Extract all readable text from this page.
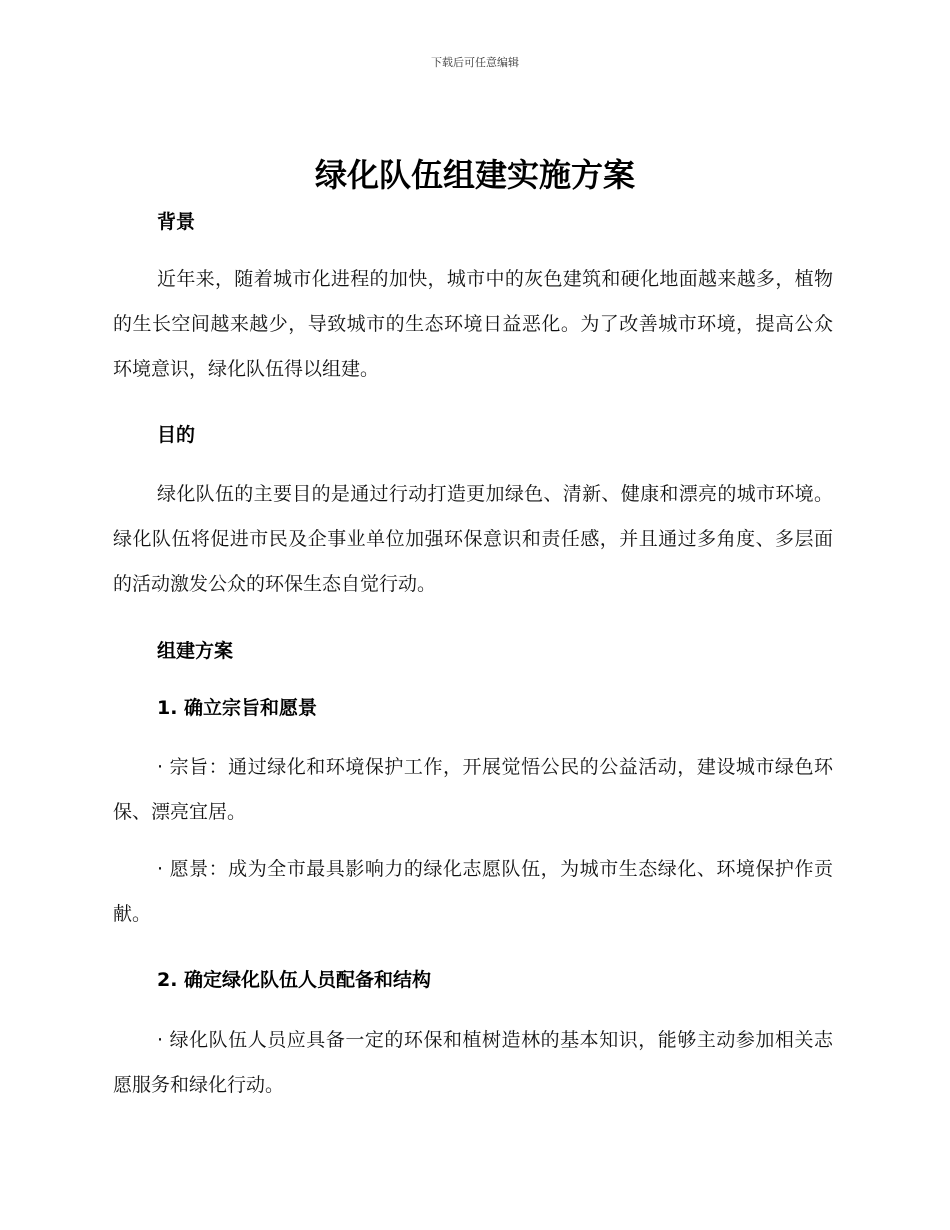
下载后可任意编辑
绿化队伍组建实施方案
背景

近年来，随着城市化进程的加快，城市中的灰色建筑和硬化地面越来越多，植物的生长空间越来越少，导致城市的生态环境日益恶化。为了改善城市环境，提高公众环境意识，绿化队伍得以组建。

目的

绿化队伍的主要目的是通过行动打造更加绿色、清新、健康和漂亮的城市环境。绿化队伍将促进市民及企事业单位加强环保意识和责任感，并且通过多角度、多层面的活动激发公众的环保生态自觉行动。

组建方案
1. 确立宗旨和愿景

· 宗旨：通过绿化和环境保护工作，开展觉悟公民的公益活动，建设城市绿色环保、漂亮宜居。

· 愿景：成为全市最具影响力的绿化志愿队伍，为城市生态绿化、环境保护作贡献。

2. 确定绿化队伍人员配备和结构

· 绿化队伍人员应具备一定的环保和植树造林的基本知识，能够主动参加相关志愿服务和绿化行动。
